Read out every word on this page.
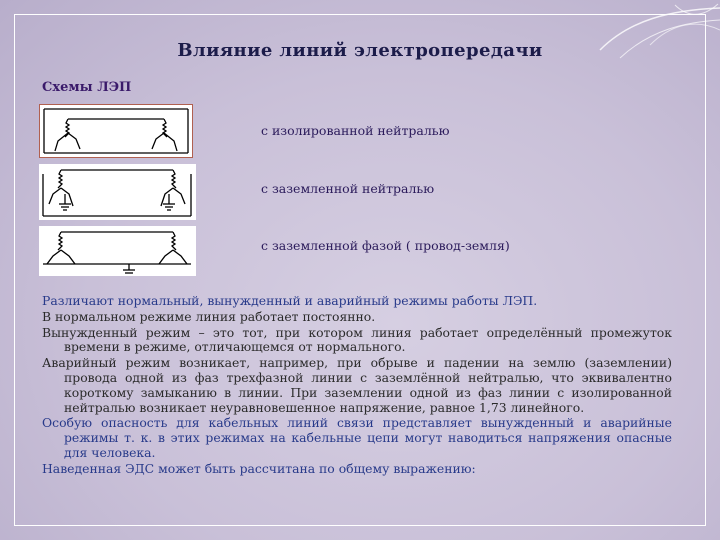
Влияние линий электропередачи
Схемы ЛЭП
с изолированной нейтралью
с заземленной нейтралью
с заземленной фазой ( провод-земля)

Различают нормальный, вынужденный и аварийный режимы работы ЛЭП.

В нормальном режиме линия работает постоянно.

Вынужденный режим – это тот, при котором линия работает определённый промежуток времени в режиме, отличающемся от нормального.

Аварийный режим возникает, например, при обрыве и падении на землю (заземлении) провода одной из фаз трехфазной линии с заземлённой нейтралью, что эквивалентно короткому замыканию в линии. При заземлении одной из фаз линии с изолированной нейтралью возникает неуравновешенное напряжение, равное 1,73 линейного.

Особую опасность для кабельных линий связи представляет вынужденный и аварийные режимы т. к. в этих режимах на кабельные цепи могут наводиться напряжения опасные для человека.

Наведенная ЭДС может быть рассчитана по общему выражению:
